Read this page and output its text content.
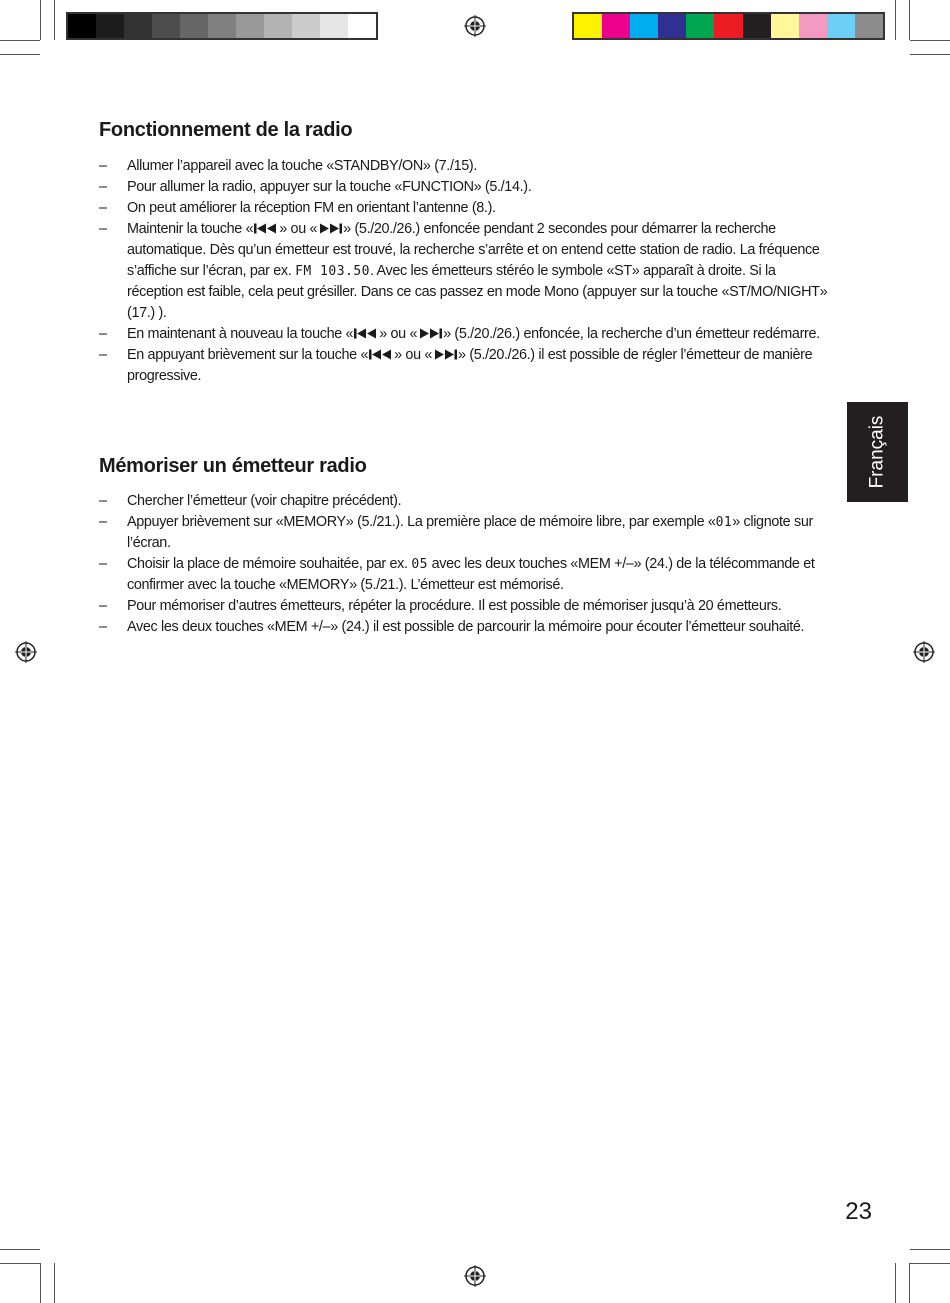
Fonctionnement de la radio
– Allumer l’appareil avec la touche «STANDBY/ON» (7./15).
– Pour allumer la radio, appuyer sur la touche «FUNCTION» (5./14.).
– On peut améliorer la réception FM en orientant l’antenne (8.).
– Maintenir la touche « » ou « » (5./20./26.) enfoncée pendant 2 secondes pour démarrer la recherche automatique. Dès qu’un émetteur est trouvé, la recherche s’arrête et on entend cette station de radio. La fréquence s’affiche sur l’écran, par ex. FM 103.50. Avec les émetteurs stéréo le symbole «ST» apparaît à droite. Si la réception est faible, cela peut grésiller. Dans ce cas passez en mode Mono (appuyer sur la touche «ST/MO/NIGHT» (17.) ).
– En maintenant à nouveau la touche « » ou « » (5./20./26.) enfoncée, la recherche d’un émetteur redémarre.
– En appuyant brièvement sur la touche « » ou « » (5./20./26.) il est possible de régler l’émetteur de manière progressive.
Mémoriser un émetteur radio
– Chercher l’émetteur (voir chapitre précédent).
– Appuyer brièvement sur «MEMORY» (5./21.). La première place de mémoire libre, par exemple «01» clignote sur l’écran.
– Choisir la place de mémoire souhaitée, par ex. 05 avec les deux touches «MEM +/–» (24.) de la télécommande et confirmer avec la touche «MEMORY» (5./21.). L’émetteur est mémorisé.
– Pour mémoriser d’autres émetteurs, répéter la procédure. Il est possible de mémoriser jusqu’à 20 émetteurs.
– Avec les deux touches «MEM +/–» (24.) il est possible de parcourir la mémoire pour écouter l’émetteur souhaité.
Français
23
